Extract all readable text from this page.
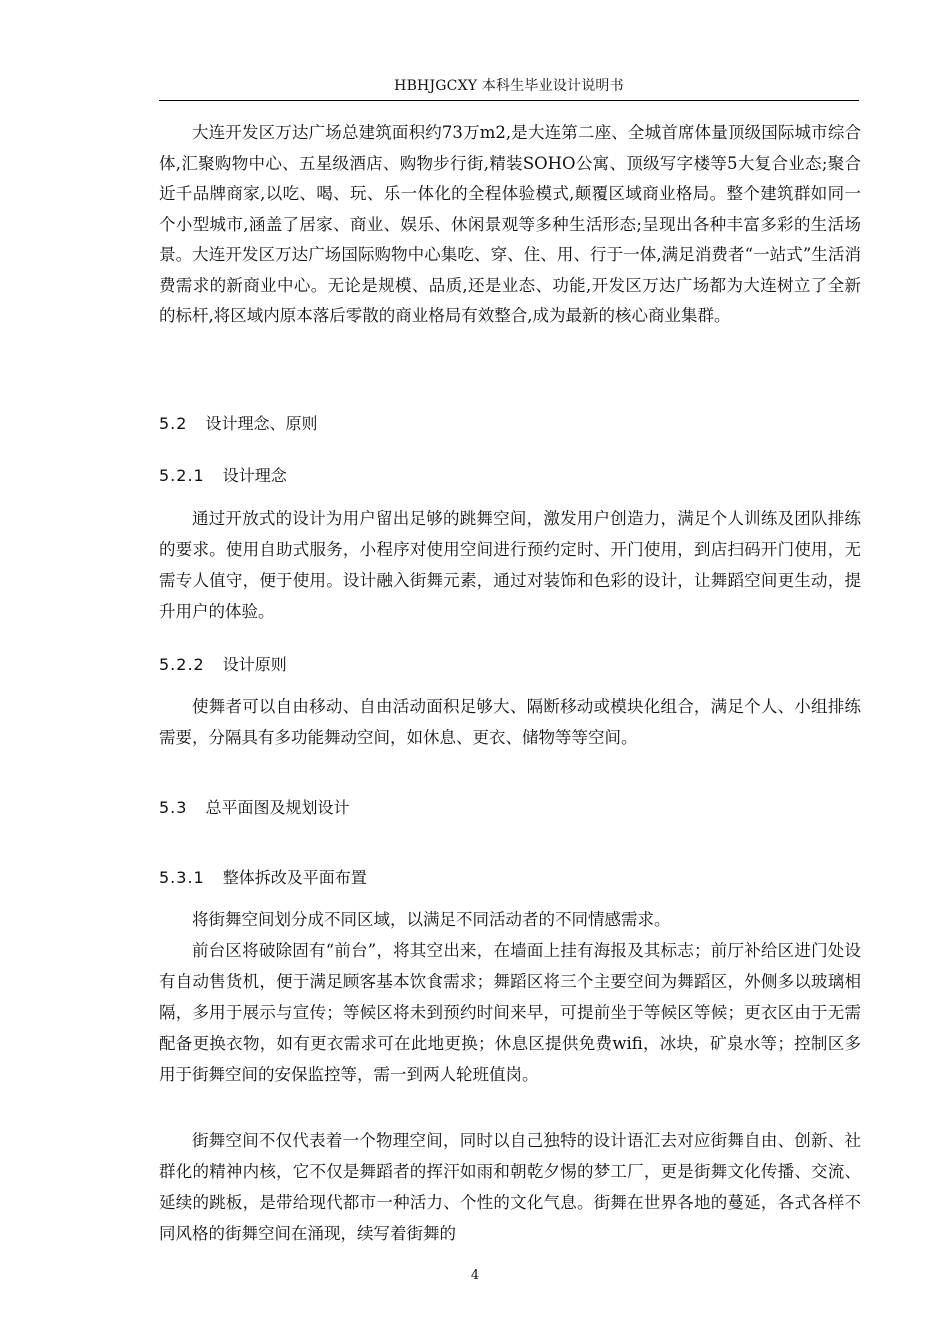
HBHJGCXY 本科生毕业设计说明书

大连开发区万达广场总建筑面积约73万m2,是大连第二座、全城首席体量顶级国际城市综合体,汇聚购物中心、五星级酒店、购物步行街,精装SOHO公寓、顶级写字楼等5大复合业态;聚合近千品牌商家,以吃、喝、玩、乐一体化的全程体验模式,颠覆区域商业格局。整个建筑群如同一个小型城市,涵盖了居家、商业、娱乐、休闲景观等多种生活形态;呈现出各种丰富多彩的生活场景。大连开发区万达广场国际购物中心集吃、穿、住、用、行于一体,满足消费者“一站式”生活消费需求的新商业中心。无论是规模、品质,还是业态、功能,开发区万达广场都为大连树立了全新的标杆,将区域内原本落后零散的商业格局有效整合,成为最新的核心商业集群。

5.2 设计理念、原则
5.2.1 设计理念

通过开放式的设计为用户留出足够的跳舞空间，激发用户创造力，满足个人训练及团队排练的要求。使用自助式服务，小程序对使用空间进行预约定时、开门使用，到店扫码开门使用，无需专人值守，便于使用。设计融入街舞元素，通过对装饰和色彩的设计，让舞蹈空间更生动，提升用户的体验。

5.2.2 设计原则

使舞者可以自由移动、自由活动面积足够大、隔断移动或模块化组合，满足个人、小组排练需要，分隔具有多功能舞动空间，如休息、更衣、储物等等空间。

5.3 总平面图及规划设计
5.3.1 整体拆改及平面布置

将街舞空间划分成不同区域，以满足不同活动者的不同情感需求。

前台区将破除固有“前台”，将其空出来，在墙面上挂有海报及其标志；前厅补给区进门处设有自动售货机，便于满足顾客基本饮食需求；舞蹈区将三个主要空间为舞蹈区，外侧多以玻璃相隔，多用于展示与宣传；等候区将未到预约时间来早，可提前坐于等候区等候；更衣区由于无需配备更换衣物，如有更衣需求可在此地更换；休息区提供免费wifi，冰块，矿泉水等；控制区多用于街舞空间的安保监控等，需一到两人轮班值岗。

街舞空间不仅代表着一个物理空间，同时以自己独特的设计语汇去对应街舞自由、创新、社群化的精神内核，它不仅是舞蹈者的挥汗如雨和朝乾夕惕的梦工厂，更是街舞文化传播、交流、延续的跳板，是带给现代都市一种活力、个性的文化气息。街舞在世界各地的蔓延，各式各样不同风格的街舞空间在涌现，续写着街舞的

4
